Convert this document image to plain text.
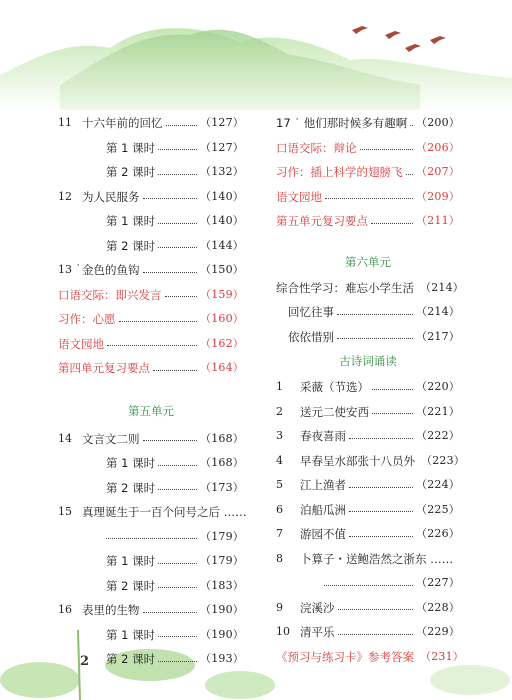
11 十六年前的回忆	（127）
第 1 课时	（127）
第 2 课时	（132）
12 为人民服务	（140）
第 1 课时	（140）
第 2 课时	（144）
13 ˙ 金色的鱼钩	（150）
口语交际：即兴发言	（159）
习作：心愿	（160）
语文园地	（162）
第四单元复习要点	（164）
第五单元
14 文言文二则	（168）
第 1 课时	（168）
第 2 课时	（173）
15 真理诞生于一百个问号之后 ……
（179）
第 1 课时	（179）
第 2 课时	（183）
16 表里的生物	（190）
第 1 课时	（190）
第 2 课时	（193）
17 ˙ 他们那时候多有趣啊 （200）
口语交际：辩论	（206）
习作：插上科学的翅膀飞 （207）
语文园地	（209）
第五单元复习要点	（211）
第六单元
综合性学习：难忘小学生活 （214）
回忆往事	（214）
依依惜别	（217）
古诗词诵读
1	采薇（节选）	（220）
2	送元二使安西	（221）
3	春夜喜雨	（222）
4	早春呈水部张十八员外 （223）
5	江上渔者	（224）
6	泊船瓜洲	（225）
7	游园不值	（226）
8	卜算子・送鲍浩然之浙东 ……
（227）
9	浣溪沙	（228）
10 清平乐	（229）
《预习与练习卡》参考答案 （231）
2
